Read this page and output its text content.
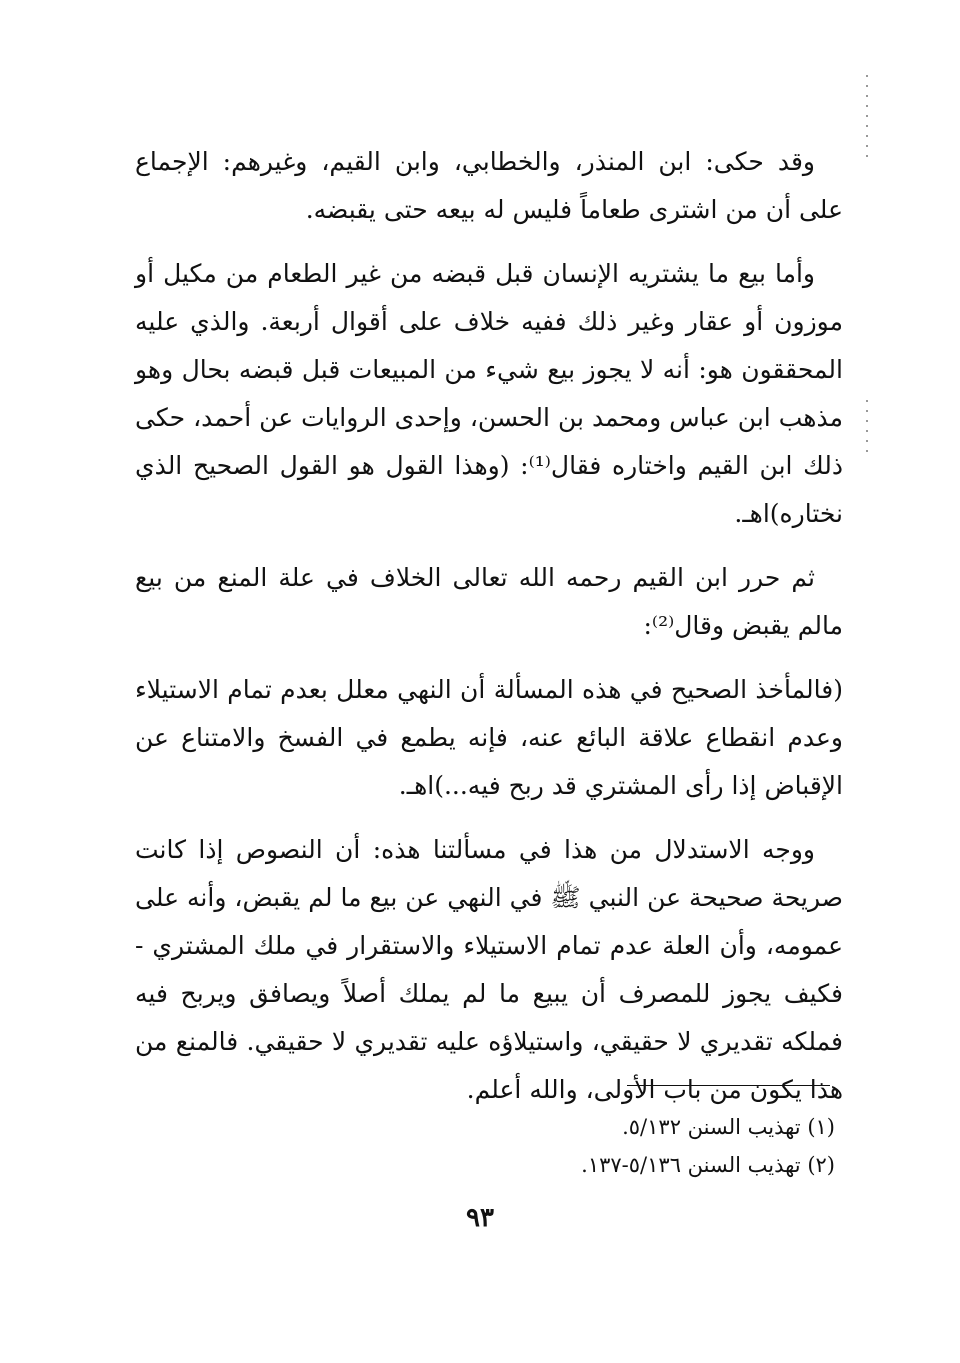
وقد حكى: ابن المنذر، والخطابي، وابن القيم، وغيرهم: الإجماع على أن من اشترى طعاماً فليس له بيعه حتى يقبضه.

وأما بيع ما يشتريه الإنسان قبل قبضه من غير الطعام من مكيل أو موزون أو عقار وغير ذلك ففيه خلاف على أقوال أربعة. والذي عليه المحققون هو: أنه لا يجوز بيع شيء من المبيعات قبل قبضه بحال وهو مذهب ابن عباس ومحمد بن الحسن، وإحدى الروايات عن أحمد، حكى ذلك ابن القيم واختاره فقال⁽¹⁾: (وهذا القول هو القول الصحيح الذي نختاره)اهـ.

ثم حرر ابن القيم رحمه الله تعالى الخلاف في علة المنع من بيع مالم يقبض وقال⁽²⁾:

(فالمأخذ الصحيح في هذه المسألة أن النهي معلل بعدم تمام الاستيلاء وعدم انقطاع علاقة البائع عنه، فإنه يطمع في الفسخ والامتناع عن الإقباض إذا رأى المشتري قد ربح فيه...)اهـ.

ووجه الاستدلال من هذا في مسألتنا هذه: أن النصوص إذا كانت صريحة صحيحة عن النبي ﷺ في النهي عن بيع ما لم يقبض، وأنه على عمومه، وأن العلة عدم تمام الاستيلاء والاستقرار في ملك المشتري - فكيف يجوز للمصرف أن يبيع ما لم يملك أصلاً ويصافق ويربح فيه فملكه تقديري لا حقيقي، واستيلاؤه عليه تقديري لا حقيقي. فالمنع من هذا يكون من باب الأولى، والله أعلم.

(١) تهذيب السنن ٥/١٣٢.

(٢) تهذيب السنن ٥/١٣٦-١٣٧.

٩٣
